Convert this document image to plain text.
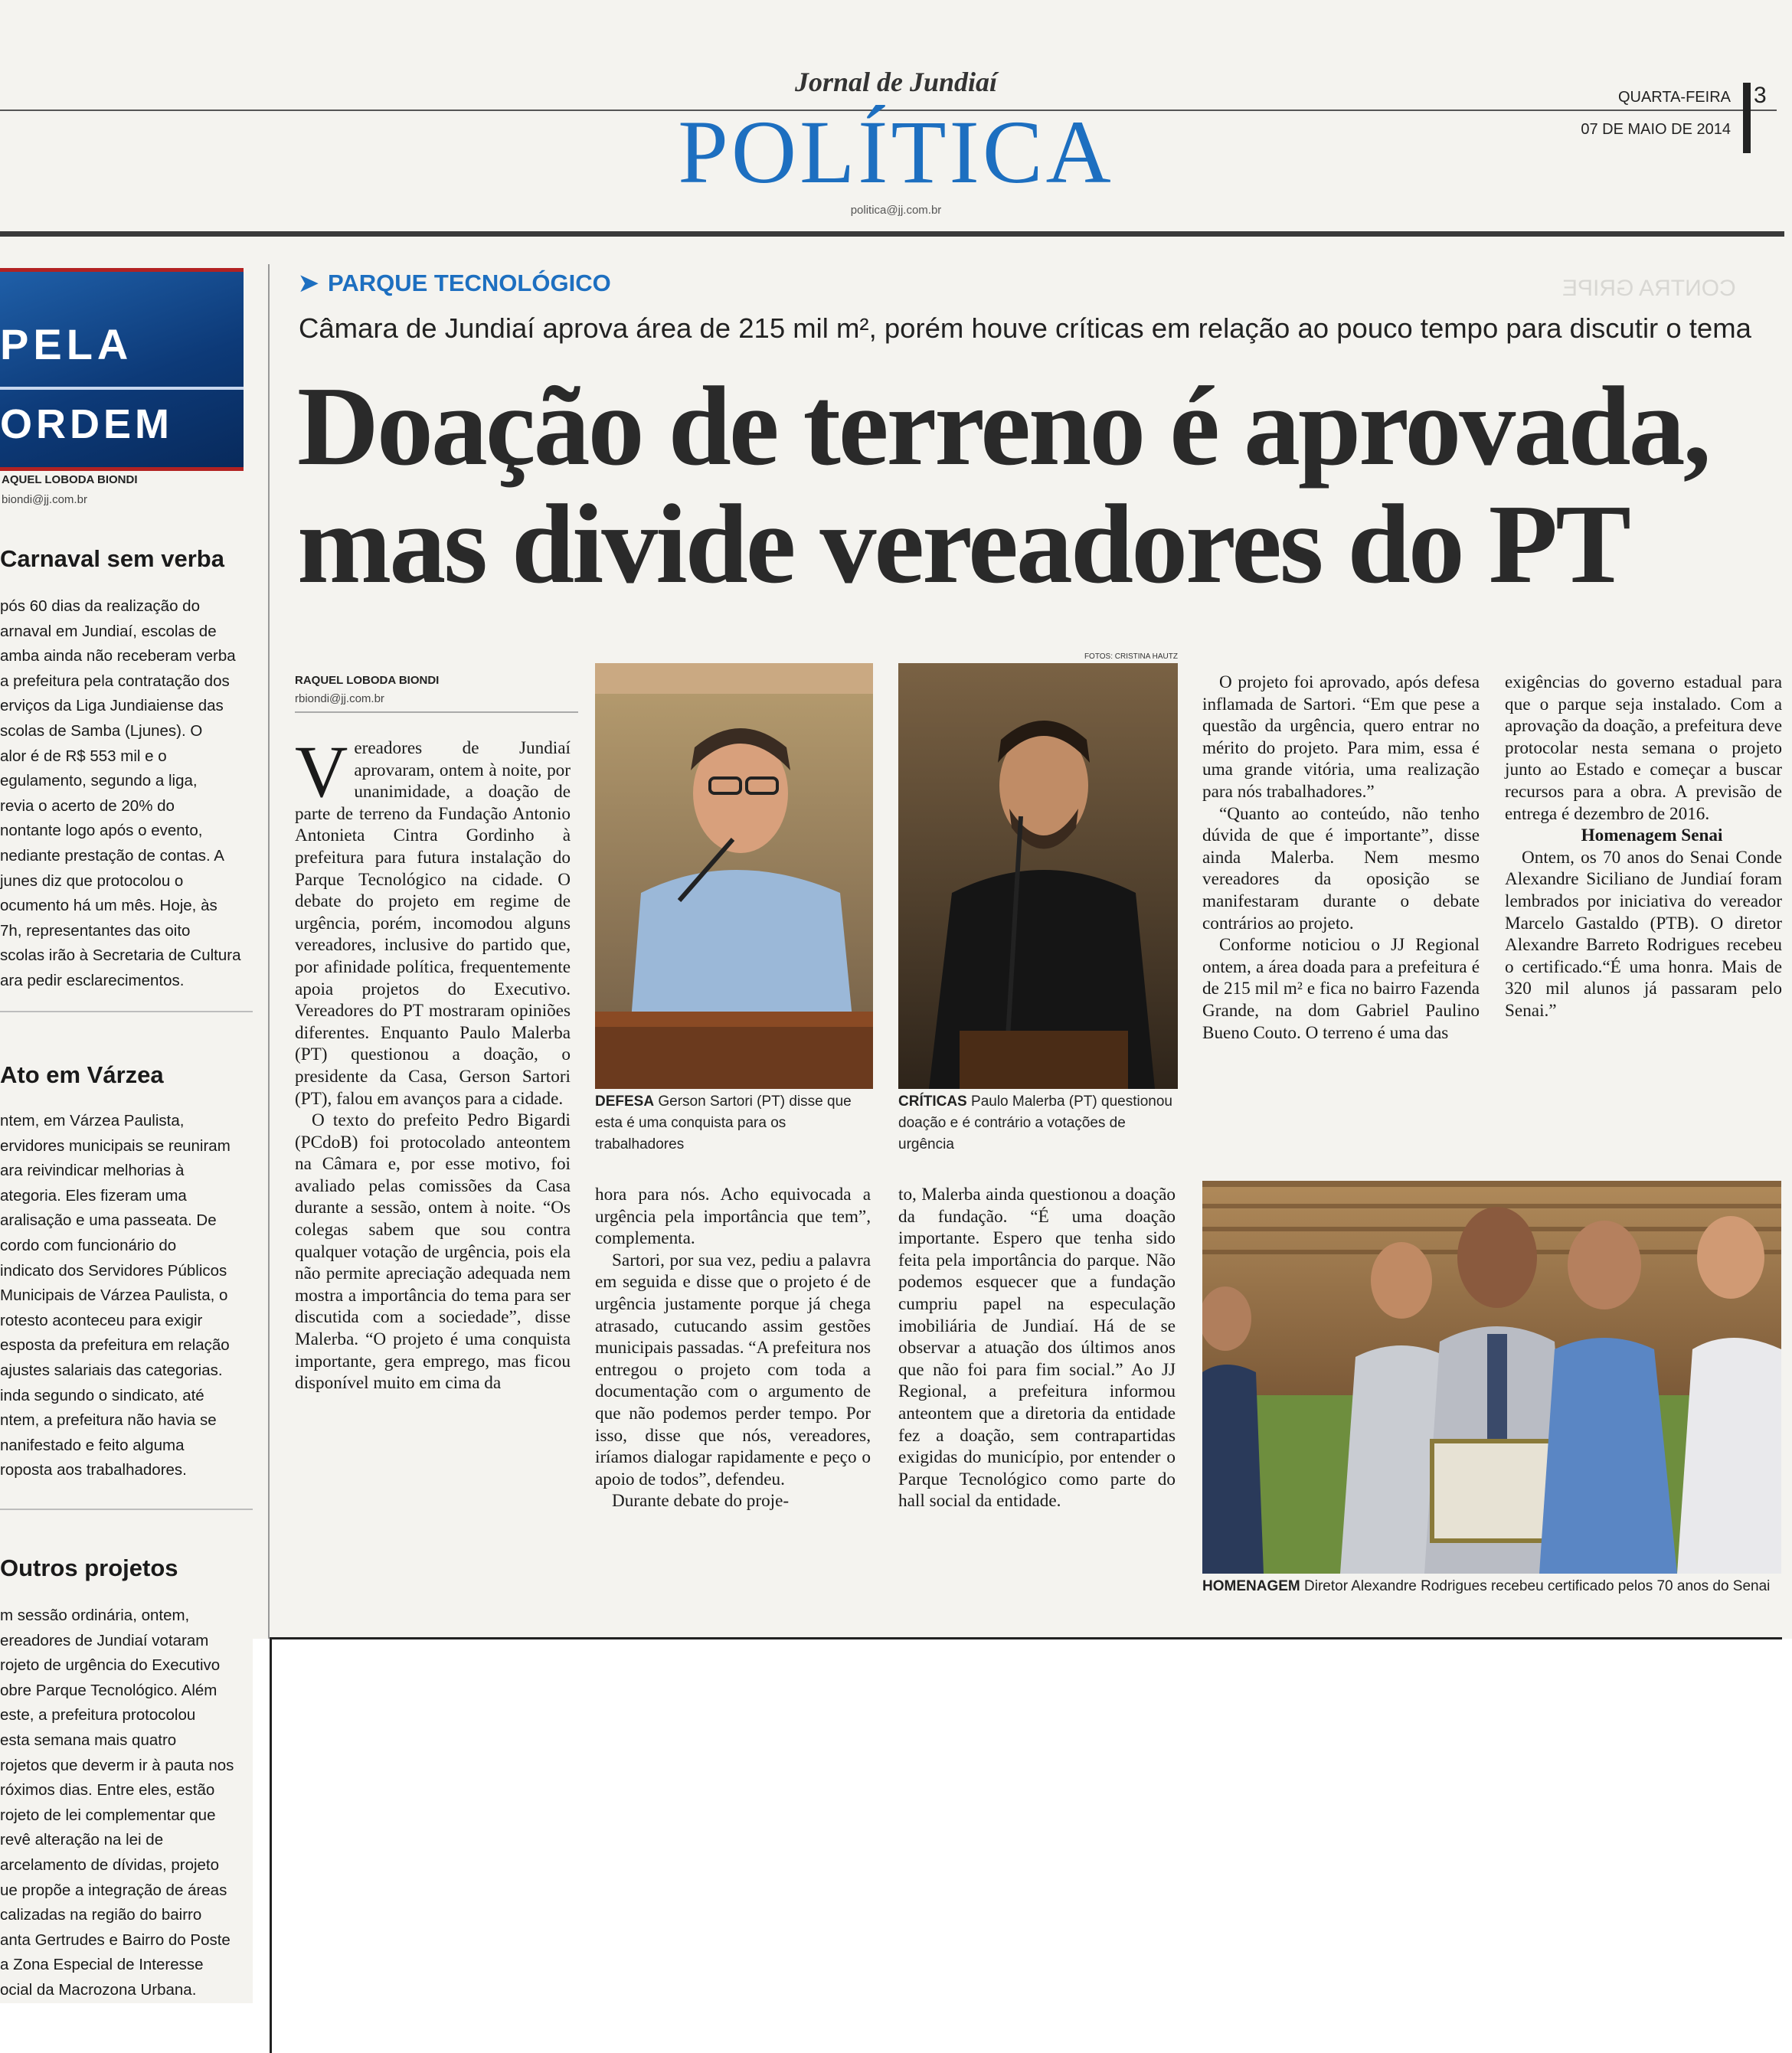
CONTRA GRIPE
Jornal de Jundiaí
POLÍTICA
politica@jj.com.br
QUARTA-FEIRA
07 DE MAIO DE 2014
3
PELA
ORDEM
AQUEL LOBODA BIONDI
biondi@jj.com.br
Carnaval sem verba
pós 60 dias da realização do
arnaval em Jundiaí, escolas de
amba ainda não receberam verba
a prefeitura pela contratação dos
erviços da Liga Jundiaiense das
scolas de Samba (Ljunes). O
alor é de R$ 553 mil e o
egulamento, segundo a liga,
revia o acerto de 20% do
nontante logo após o evento,
nediante prestação de contas. A
junes diz que protocolou o
ocumento há um mês. Hoje, às
7h, representantes das oito
scolas irão à Secretaria de Cultura
ara pedir esclarecimentos.
Ato em Várzea
ntem, em Várzea Paulista,
ervidores municipais se reuniram
ara reivindicar melhorias à
ategoria. Eles fizeram uma
aralisação e uma passeata. De
cordo com funcionário do
indicato dos Servidores Públicos
Municipais de Várzea Paulista, o
rotesto aconteceu para exigir
esposta da prefeitura em relação
ajustes salariais das categorias.
inda segundo o sindicato, até
ntem, a prefeitura não havia se
nanifestado e feito alguma
roposta aos trabalhadores.
Outros projetos
➤ PARQUE TECNOLÓGICO
Câmara de Jundiaí aprova área de 215 mil m², porém houve críticas em relação ao pouco tempo para discutir o tema
Doação de terreno é aprovada,
mas divide vereadores do PT
RAQUEL LOBODA BIONDI
rbiondi@jj.com.br
FOTOS: CRISTINA HAUTZ

Vereadores de Jundiaí aprovaram, ontem à noite, por unanimidade, a doação de parte de terreno da Fundação Antonio Antonieta Cintra Gordinho à prefeitura para futura instalação do Parque Tecnológico na cidade. O debate do projeto em regime de urgência, porém, incomodou alguns vereadores, inclusive do partido que, por afinidade política, frequentemente apoia projetos do Executivo. Vereadores do PT mostraram opiniões diferentes. Enquanto Paulo Malerba (PT) questionou a doação, o presidente da Casa, Gerson Sartori (PT), falou em avanços para a cidade.

O texto do prefeito Pedro Bigardi (PCdoB) foi protocolado anteontem na Câmara e, por esse motivo, foi avaliado pelas comissões da Casa durante a sessão, ontem à noite. “Os colegas sabem que sou contra qualquer votação de urgência, pois ela não permite apreciação adequada nem mostra a importância do tema para ser discutida com a sociedade”, disse Malerba. “O projeto é uma conquista importante, gera emprego, mas ficou disponível muito em cima da

DEFESA Gerson Sartori (PT) disse que esta é uma conquista para os trabalhadores
CRÍTICAS Paulo Malerba (PT) questionou doação e é contrário a votações de urgência

hora para nós. Acho equivocada a urgência pela importância que tem”, complementa.

Sartori, por sua vez, pediu a palavra em seguida e disse que o projeto é de urgência justamente porque já chega atrasado, cutucando assim gestões municipais passadas. “A prefeitura nos entregou o projeto com toda a documentação com o argumento de que não podemos perder tempo. Por isso, disse que nós, vereadores, iríamos dialogar rapidamente e peço o apoio de todos”, defendeu.

Durante debate do proje-

to, Malerba ainda questionou a doação da fundação. “É uma doação importante. Espero que tenha sido feita pela importância do parque. Não podemos esquecer que a fundação cumpriu papel na especulação imobiliária de Jundiaí. Há de se observar a atuação dos últimos anos que não foi para fim social.” Ao JJ Regional, a prefeitura informou anteontem que a diretoria da entidade fez a doação, sem contrapartidas exigidas do município, por entender o Parque Tecnológico como parte do hall social da entidade.

O projeto foi aprovado, após defesa inflamada de Sartori. “Em que pese a questão da urgência, quero entrar no mérito do projeto. Para mim, essa é uma grande vitória, uma realização para nós trabalhadores.”

“Quanto ao conteúdo, não tenho dúvida de que é importante”, disse ainda Malerba. Nem mesmo vereadores da oposição se manifestaram durante o debate contrários ao projeto.

Conforme noticiou o JJ Regional ontem, a área doada para a prefeitura é de 215 mil m² e fica no bairro Fazenda Grande, na dom Gabriel Paulino Bueno Couto. O terreno é uma das

exigências do governo estadual para que o parque seja instalado. Com a aprovação da doação, a prefeitura deve protocolar nesta semana o projeto junto ao Estado e começar a buscar recursos para a obra. A previsão de entrega é dezembro de 2016.

Homenagem Senai

Ontem, os 70 anos do Senai Conde Alexandre Siciliano de Jundiaí foram lembrados por iniciativa do vereador Marcelo Gastaldo (PTB). O diretor Alexandre Barreto Rodrigues recebeu o certificado.“É uma honra. Mais de 320 mil alunos já passaram pelo Senai.”

HOMENAGEM Diretor Alexandre Rodrigues recebeu certificado pelos 70 anos do Senai
m sessão ordinária, ontem,
ereadores de Jundiaí votaram
rojeto de urgência do Executivo
obre Parque Tecnológico. Além
este, a prefeitura protocolou
esta semana mais quatro
rojetos que deverm ir à pauta nos
róximos dias. Entre eles, estão
rojeto de lei complementar que
revê alteração na lei de
arcelamento de dívidas, projeto
ue propõe a integração de áreas
calizadas na região do bairro
anta Gertrudes e Bairro do Poste
a Zona Especial de Interesse
ocial da Macrozona Urbana.
